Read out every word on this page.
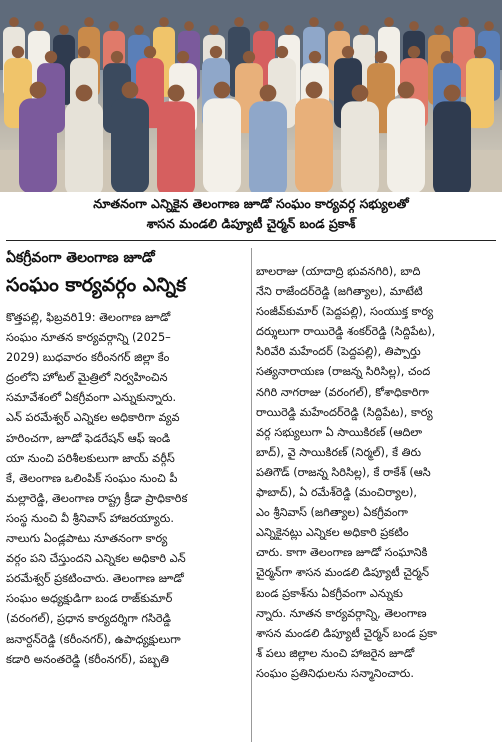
నూతనంగా ఎన్నికైన తెలంగాణ జూడో సంఘం కార్యవర్గ సభ్యులతో
శాసన మండలి డిప్యూటీ చైర్మన్ బండ ప్రకాశ్
ఏకగ్రీవంగా తెలంగాణ జూడో
సంఘం కార్యవర్గం ఎన్నిక
కొత్తపల్లి, ఫిబ్రవరి19: తెలంగాణ జూడో
సంఘం నూతన కార్యవర్గాన్ని (2025–
2029) బుధవారం కరీంనగర్ జిల్లా కేం
ద్రంలోని హోటల్ మైత్రిలో నిర్వహించిన
సమావేశంలో ఏకగ్రీవంగా ఎన్నుకున్నారు.
ఎన్ పరమేశ్వర్ ఎన్నికల అధికారిగా వ్యవ
హరించగా, జూడో ఫెడరేషన్ ఆఫ్ ఇండి
యా నుంచి పరిశీలకులుగా జాయ్ వర్గీస్
కే, తెలంగాణ ఒలింపిక్ సంఘం నుంచి పీ
మల్లారెడ్డి, తెలంగాణ రాష్ట్ర క్రీడా ప్రాధికారిక
సంస్థ నుంచి వీ శ్రీనివాస్ హాజరయ్యారు.
నాలుగు ఏండ్లపాటు నూతనంగా కార్య
వర్గం పని చేస్తుందని ఎన్నికల అధికారి ఎన్
పరమేశ్వర్ ప్రకటించారు. తెలంగాణ జూడో
సంఘం అధ్యక్షుడిగా బండ రాజ్‌కుమార్
(వరంగల్), ప్రధాన కార్యదర్శిగా గసిరెడ్డి
జనార్దన్‌రెడ్డి (కరీంనగర్), ఉపాధ్యక్షులుగా
కడారి అనంతరెడ్డి (కరీంనగర్), పబ్బతి
బాలరాజు (యాదాద్రి భువనగిరి), బాది
నేని రాజేందర్‌రెడ్డి (జగిత్యాల), మాటేటి
సంజీవ్‌కుమార్ (పెద్దపల్లి), సంయుక్త కార్య
దర్శులుగా రాయిరెడ్డి శంకర్‌రెడ్డి (సిద్దిపేట),
సిరివేరి మహేందర్ (పెద్దపల్లి), తిప్పార్తు
సత్యనారాయణ (రాజన్న సిరిసిల్ల), చంద
నగిరి నాగరాజు (వరంగల్), కోశాధికారిగా
రాయిరెడ్డి మహేందర్‌రెడ్డి (సిద్దిపేట), కార్య
వర్గ సభ్యులుగా ఏ సాయికిరణ్ (ఆదిలా
బాద్), వై సాయికిరణ్ (నిర్మల్), కే తిరు
పతిగౌడ్ (రాజన్న సిరిసిల్ల), కే రాకేశ్ (ఆసి
ఫాబాద్), ఏ రమేశ్‌రెడ్డి (మంచిర్యాల),
ఎం శ్రీనివాస్ (జగిత్యాల) ఏకగ్రీవంగా
ఎన్నికైనట్లు ఎన్నికల అధికారి ప్రకటిం
చారు. కాగా తెలంగాణ జూడో సంఘానికి
చైర్మన్‌గా శాసన మండలి డిప్యూటీ చైర్మన్
బండ ప్రకాశ్‌ను ఏకగ్రీవంగా ఎన్నుకు
న్నారు. నూతన కార్యవర్గాన్ని, తెలంగాణ
శాసన మండలి డిప్యూటీ చైర్మన్ బండ ప్రకా
శ్ పలు జిల్లాల నుంచి హాజరైన జూడో
సంఘం ప్రతినిధులను సన్మానించారు.
